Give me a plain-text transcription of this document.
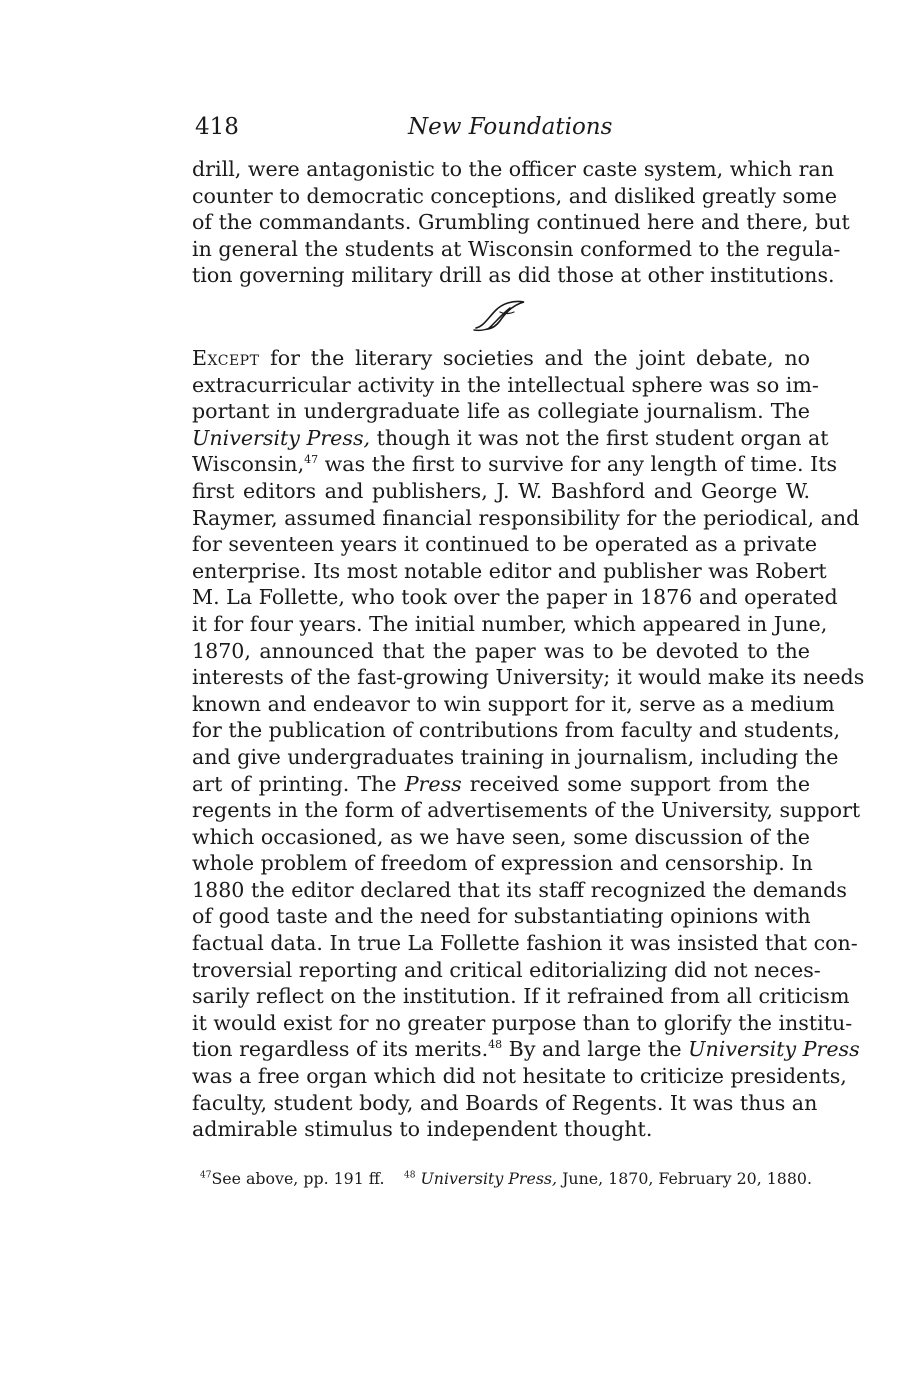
418	New Foundations
drill, were antagonistic to the officer caste system, which ran
counter to democratic conceptions, and disliked greatly some
of the commandants. Grumbling continued here and there, but
in general the students at Wisconsin conformed to the regula-
tion governing military drill as did those at other institutions.
Except for the literary societies and the joint debate, no
extracurricular activity in the intellectual sphere was so im-
portant in undergraduate life as collegiate journalism. The
University Press, though it was not the first student organ at
Wisconsin,$^{47}$ was the first to survive for any length of time. Its
first editors and publishers, J. W. Bashford and George W.
Raymer, assumed financial responsibility for the periodical, and
for seventeen years it continued to be operated as a private
enterprise. Its most notable editor and publisher was Robert
M. La Follette, who took over the paper in 1876 and operated
it for four years. The initial number, which appeared in June,
1870, announced that the paper was to be devoted to the
interests of the fast-growing University; it would make its needs
known and endeavor to win support for it, serve as a medium
for the publication of contributions from faculty and students,
and give undergraduates training in journalism, including the
art of printing. The Press received some support from the
regents in the form of advertisements of the University, support
which occasioned, as we have seen, some discussion of the
whole problem of freedom of expression and censorship. In
1880 the editor declared that its staff recognized the demands
of good taste and the need for substantiating opinions with
factual data. In true La Follette fashion it was insisted that con-
troversial reporting and critical editorializing did not neces-
sarily reflect on the institution. If it refrained from all criticism
it would exist for no greater purpose than to glorify the institu-
tion regardless of its merits.$^{48}$ By and large the University Press
was a free organ which did not hesitate to criticize presidents,
faculty, student body, and Boards of Regents. It was thus an
admirable stimulus to independent thought.
$^{47}$See above, pp. 191 ff. $^{48}$ University Press, June, 1870, February 20, 1880.
